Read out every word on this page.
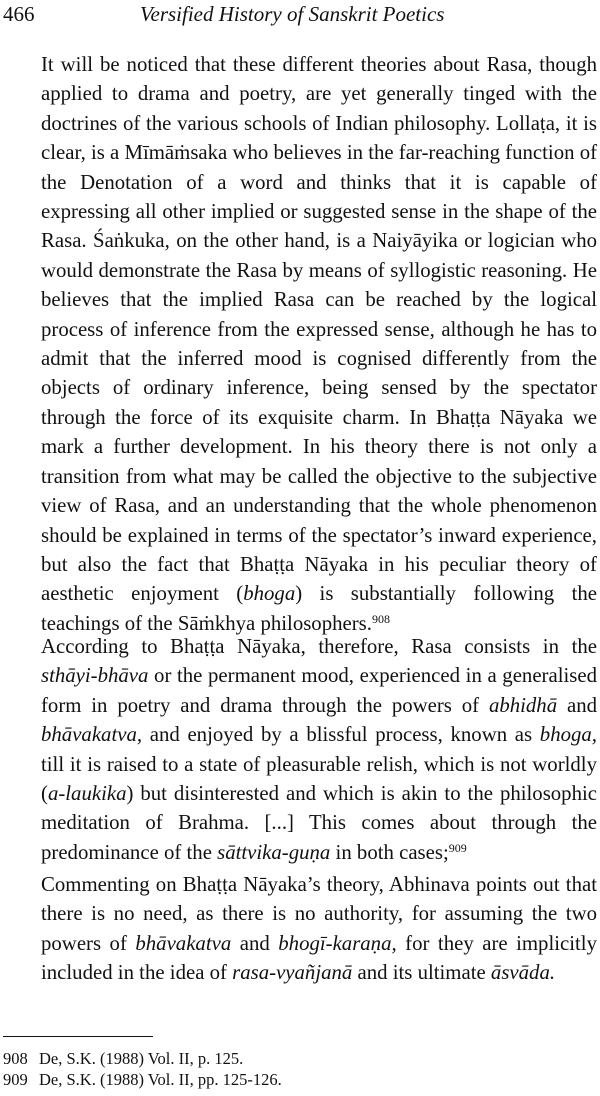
466	Versified History of Sanskrit Poetics

It will be noticed that these different theories about Rasa, though applied to drama and poetry, are yet generally tinged with the doctrines of the various schools of Indian philosophy. Lollaṭa, it is clear, is a Mīmāṁsaka who believes in the far-reaching function of the Denotation of a word and thinks that it is capable of expressing all other implied or suggested sense in the shape of the Rasa. Śaṅkuka, on the other hand, is a Naiyāyika or logician who would demonstrate the Rasa by means of syllogistic reasoning. He believes that the implied Rasa can be reached by the logical process of inference from the expressed sense, although he has to admit that the inferred mood is cognised differently from the objects of ordinary inference, being sensed by the spectator through the force of its exquisite charm. In Bhaṭṭa Nāyaka we mark a further development. In his theory there is not only a transition from what may be called the objective to the subjective view of Rasa, and an understanding that the whole phenomenon should be explained in terms of the spectator’s inward experience, but also the fact that Bhaṭṭa Nāyaka in his peculiar theory of aesthetic enjoyment (bhoga) is substantially following the teachings of the Sāṁkhya philosophers.$^{908}$

According to Bhaṭṭa Nāyaka, therefore, Rasa consists in the sthāyi-bhāva or the permanent mood, experienced in a generalised form in poetry and drama through the powers of abhidhā and bhāvakatva, and enjoyed by a blissful process, known as bhoga, till it is raised to a state of pleasurable relish, which is not worldly (a-laukika) but disinterested and which is akin to the philosophic meditation of Brahma. [...] This comes about through the predominance of the sāttvika-guṇa in both cases;$^{909}$

Commenting on Bhaṭṭa Nāyaka’s theory, Abhinava points out that there is no need, as there is no authority, for assuming the two powers of bhāvakatva and bhogī-karaṇa, for they are implicitly included in the idea of rasa-vyañjanā and its ultimate āsvāda.

908 De, S.K. (1988) Vol. II, p. 125.
909 De, S.K. (1988) Vol. II, pp. 125-126.
